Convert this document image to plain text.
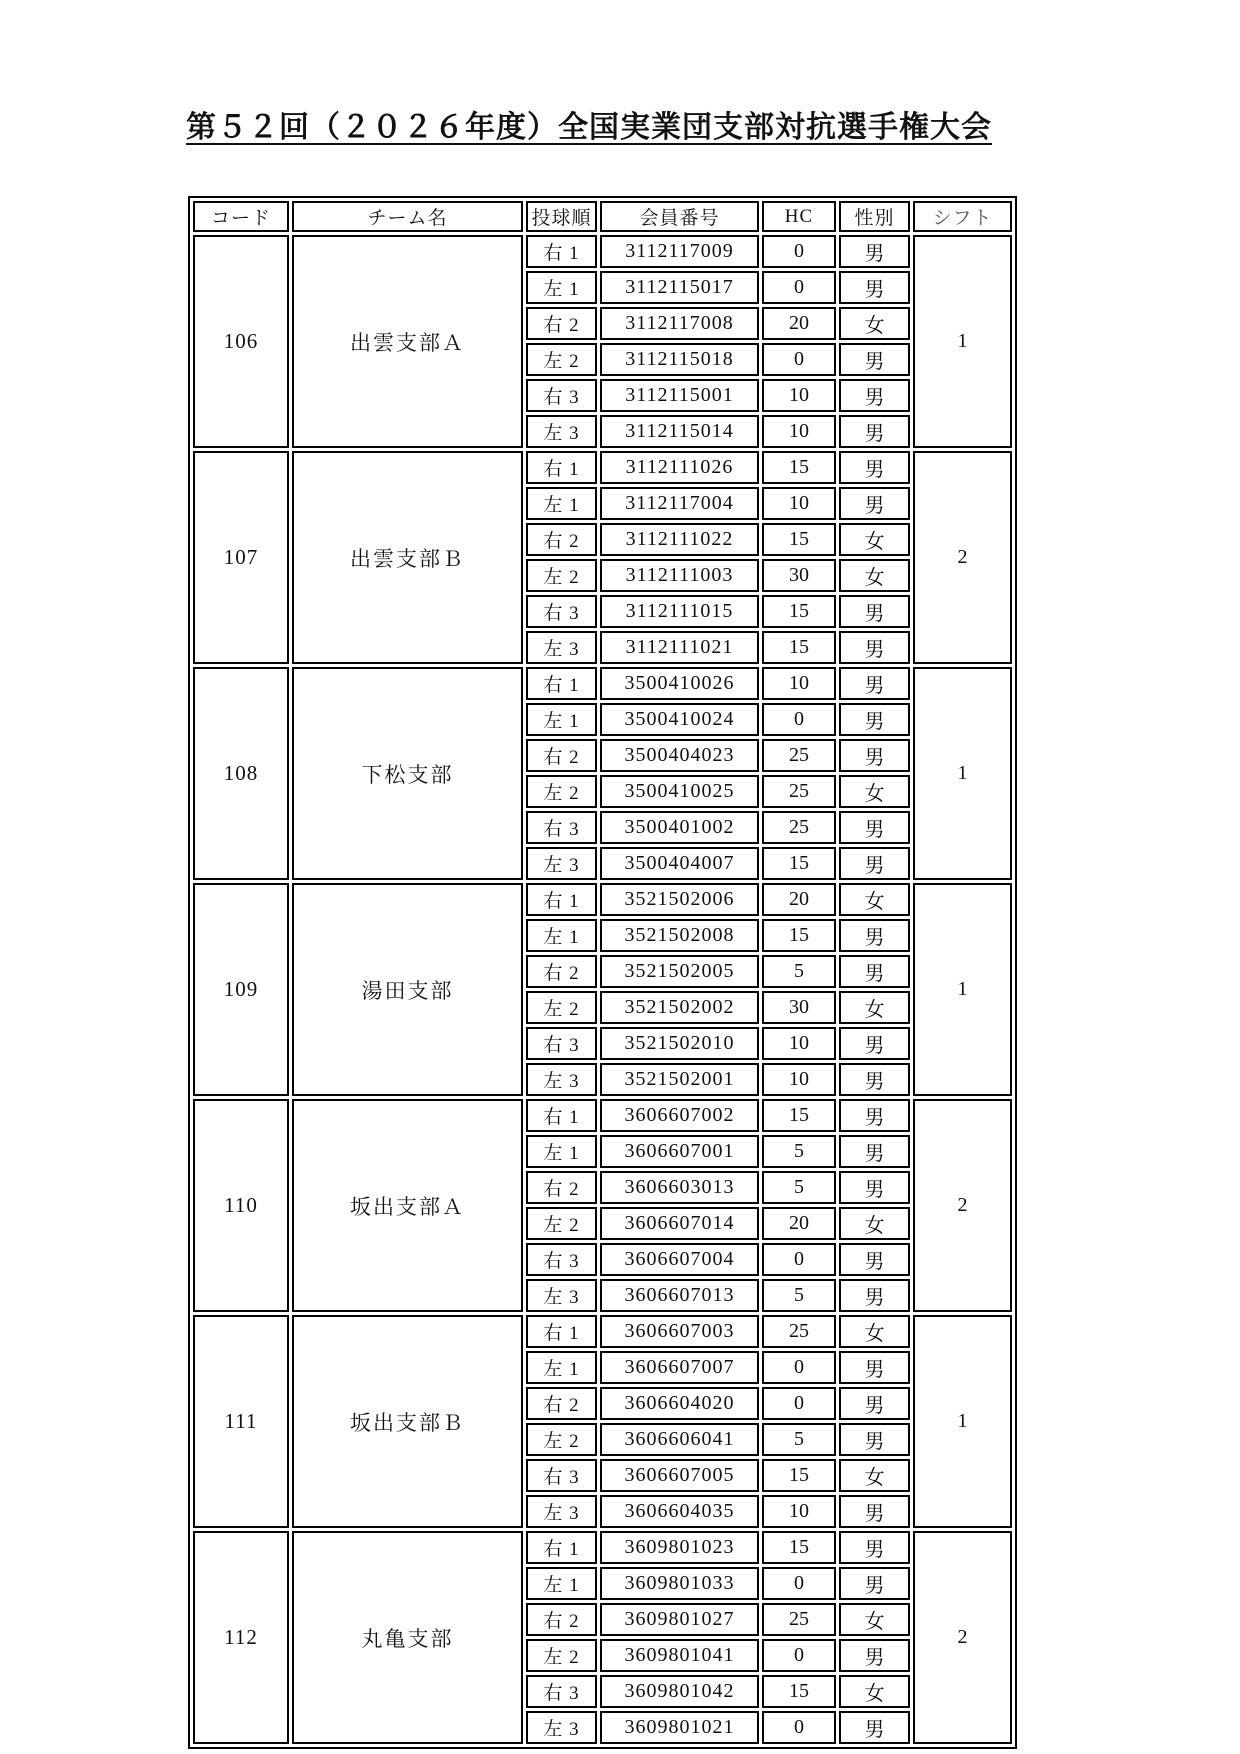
第５２回（２０２６年度）全国実業団支部対抗選手権大会
コード	チーム名	投球順	会員番号	HC	性別	シフト
106	出雲支部Ａ	右 1	3112117009	0	男	1
		左 1	3112115017	0	男	
		右 2	3112117008	20	女	
		左 2	3112115018	0	男	
		右 3	3112115001	10	男	
		左 3	3112115014	10	男	
107	出雲支部Ｂ	右 1	3112111026	15	男	2
		左 1	3112117004	10	男	
		右 2	3112111022	15	女	
		左 2	3112111003	30	女	
		右 3	3112111015	15	男	
		左 3	3112111021	15	男	
108	下松支部	右 1	3500410026	10	男	1
		左 1	3500410024	0	男	
		右 2	3500404023	25	男	
		左 2	3500410025	25	女	
		右 3	3500401002	25	男	
		左 3	3500404007	15	男	
109	湯田支部	右 1	3521502006	20	女	1
		左 1	3521502008	15	男	
		右 2	3521502005	5	男	
		左 2	3521502002	30	女	
		右 3	3521502010	10	男	
		左 3	3521502001	10	男	
110	坂出支部Ａ	右 1	3606607002	15	男	2
		左 1	3606607001	5	男	
		右 2	3606603013	5	男	
		左 2	3606607014	20	女	
		右 3	3606607004	0	男	
		左 3	3606607013	5	男	
111	坂出支部Ｂ	右 1	3606607003	25	女	1
		左 1	3606607007	0	男	
		右 2	3606604020	0	男	
		左 2	3606606041	5	男	
		右 3	3606607005	15	女	
		左 3	3606604035	10	男	
112	丸亀支部	右 1	3609801023	15	男	2
		左 1	3609801033	0	男	
		右 2	3609801027	25	女	
		左 2	3609801041	0	男	
		右 3	3609801042	15	女	
		左 3	3609801021	0	男	
